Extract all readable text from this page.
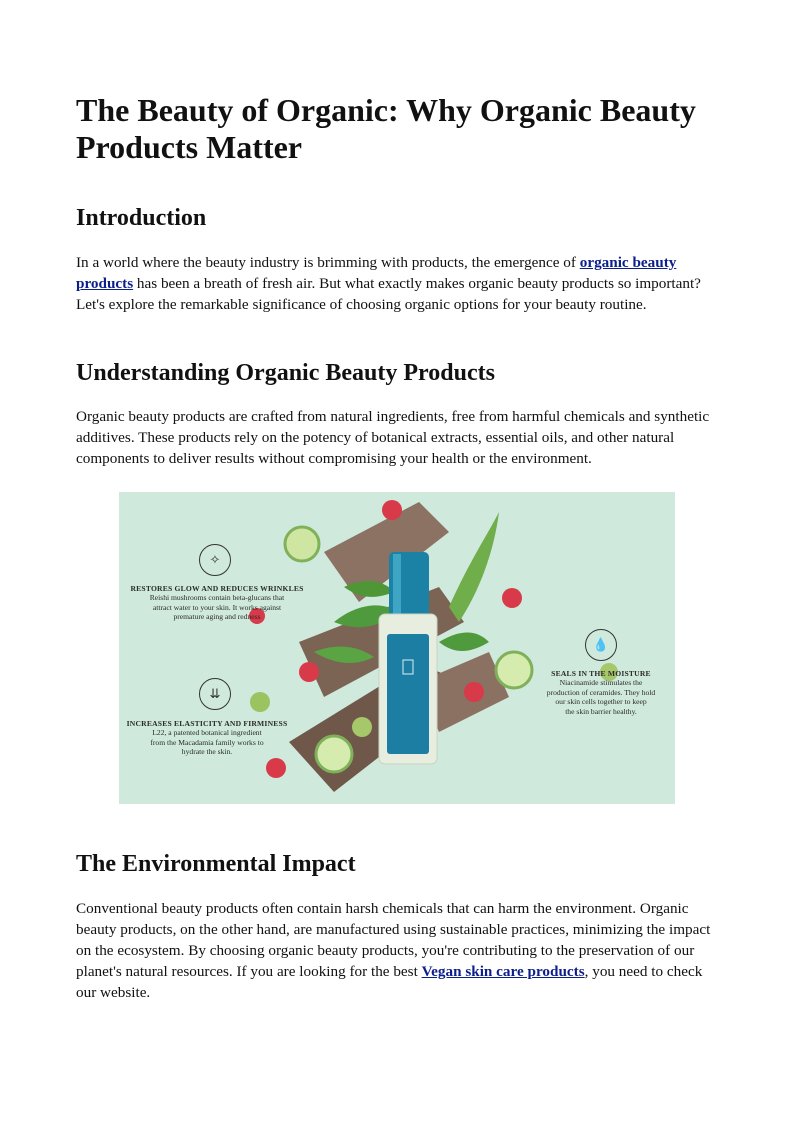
The Beauty of Organic: Why Organic Beauty Products Matter
Introduction

In a world where the beauty industry is brimming with products, the emergence of organic beauty products has been a breath of fresh air. But what exactly makes organic beauty products so important? Let's explore the remarkable significance of choosing organic options for your beauty routine.

Understanding Organic Beauty Products

Organic beauty products are crafted from natural ingredients, free from harmful chemicals and synthetic additives. These products rely on the potency of botanical extracts, essential oils, and other natural components to deliver results without compromising your health or the environment.

✧
RESTORES GLOW AND REDUCES WRINKLES
Reishi mushrooms contain beta-glucans that
attract water to your skin. It works against
premature aging and redness
⇊
INCREASES ELASTICITY AND FIRMINESS
L22, a patented botanical ingredient
from the Macadamia family works to
hydrate the skin.
💧
SEALS IN THE MOISTURE
Niacinamide stimulates the
production of ceramides. They hold
our skin cells together to keep
the skin barrier healthy.
The Environmental Impact

Conventional beauty products often contain harsh chemicals that can harm the environment. Organic beauty products, on the other hand, are manufactured using sustainable practices, minimizing the impact on the ecosystem. By choosing organic beauty products, you're contributing to the preservation of our planet's natural resources. If you are looking for the best Vegan skin care products, you need to check our website.
